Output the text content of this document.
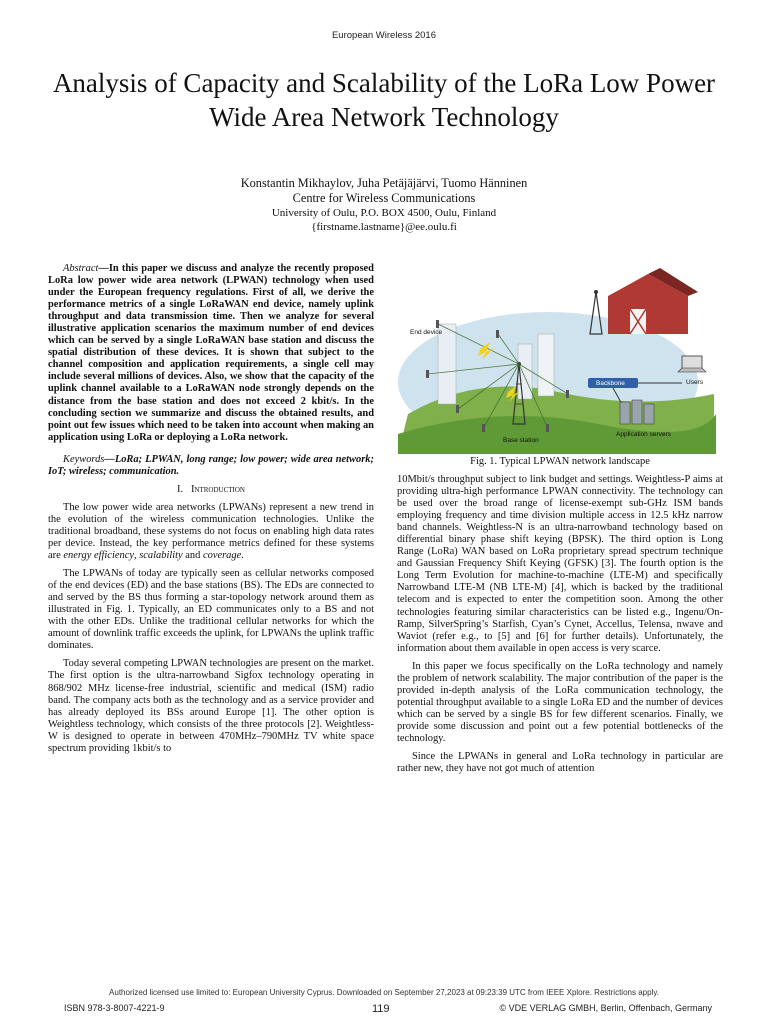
European Wireless 2016
Analysis of Capacity and Scalability of the LoRa Low Power Wide Area Network Technology
Konstantin Mikhaylov, Juha Petäjäjärvi, Tuomo Hänninen
Centre for Wireless Communications
University of Oulu, P.O. BOX 4500, Oulu, Finland
{firstname.lastname}@ee.oulu.fi
Abstract—In this paper we discuss and analyze the recently proposed LoRa low power wide area network (LPWAN) technology when used under the European frequency regulations. First of all, we derive the performance metrics of a single LoRaWAN end device, namely uplink throughput and data transmission time. Then we analyze for several illustrative application scenarios the maximum number of end devices which can be served by a single LoRaWAN base station and discuss the spatial distribution of these devices. It is shown that subject to the channel composition and application requirements, a single cell may include several millions of devices. Also, we show that the capacity of the uplink channel available to a LoRaWAN node strongly depends on the distance from the base station and does not exceed 2 kbit/s. In the concluding section we summarize and discuss the obtained results, and point out few issues which need to be taken into account when making an application using LoRa or deploying a LoRa network.
Keywords—LoRa; LPWAN, long range; low power; wide area network; IoT; wireless; communication.
I. Introduction

The low power wide area networks (LPWANs) represent a new trend in the evolution of the wireless communication technologies. Unlike the traditional broadband, these systems do not focus on enabling high data rates per device. Instead, the key performance metrics defined for these systems are energy efficiency, scalability and coverage.

The LPWANs of today are typically seen as cellular networks composed of the end devices (ED) and the base stations (BS). The EDs are connected to and served by the BS thus forming a star-topology network around them as illustrated in Fig. 1. Typically, an ED communicates only to a BS and not with the other EDs. Unlike the traditional cellular networks for which the amount of downlink traffic exceeds the uplink, for LPWANs the uplink traffic dominates.

Today several competing LPWAN technologies are present on the market. The first option is the ultra-narrowband Sigfox technology operating in 868/902 MHz license-free industrial, scientific and medical (ISM) radio band. The company acts both as the technology and as a service provider and has already deployed its BSs around Europe [1]. The other option is Weightless technology, which consists of the three protocols [2]. Weightless-W is designed to operate in between 470MHz–790MHz TV white space spectrum providing 1kbit/s to

End device
Backbone	Users
Base station
Application servers
Fig. 1. Typical LPWAN network landscape

10Mbit/s throughput subject to link budget and settings. Weightless-P aims at providing ultra-high performance LPWAN connectivity. The technology can be used over the broad range of license-exempt sub-GHz ISM bands employing frequency and time division multiple access in 12.5 kHz narrow band channels. Weightless-N is an ultra-narrowband technology based on differential binary phase shift keying (BPSK). The third option is Long Range (LoRa) WAN based on LoRa proprietary spread spectrum technique and Gaussian Frequency Shift Keying (GFSK) [3]. The fourth option is the Long Term Evolution for machine-to-machine (LTE-M) and specifically Narrowband LTE-M (NB LTE-M) [4], which is backed by the traditional telecom and is expected to enter the competition soon. Among the other technologies featuring similar characteristics can be listed e.g., Ingenu/On-Ramp, SilverSpring’s Starfish, Cyan’s Cynet, Accellus, Telensa, nwave and Waviot (refer e.g., to [5] and [6] for further details). Unfortunately, the information about them available in open access is very scarce.

In this paper we focus specifically on the LoRa technology and namely the problem of network scalability. The major contribution of the paper is the provided in-depth analysis of the LoRa communication technology, the potential throughput available to a single LoRa ED and the number of devices which can be served by a single BS for few different scenarios. Finally, we provide some discussion and point out a few potential bottlenecks of the technology.

Since the LPWANs in general and LoRa technology in particular are rather new, they have not got much of attention

Authorized licensed use limited to: European University Cyprus. Downloaded on September 27,2023 at 09:23:39 UTC from IEEE Xplore. Restrictions apply.
ISBN 978-3-8007-4221-9	119	© VDE VERLAG GMBH, Berlin, Offenbach, Germany
